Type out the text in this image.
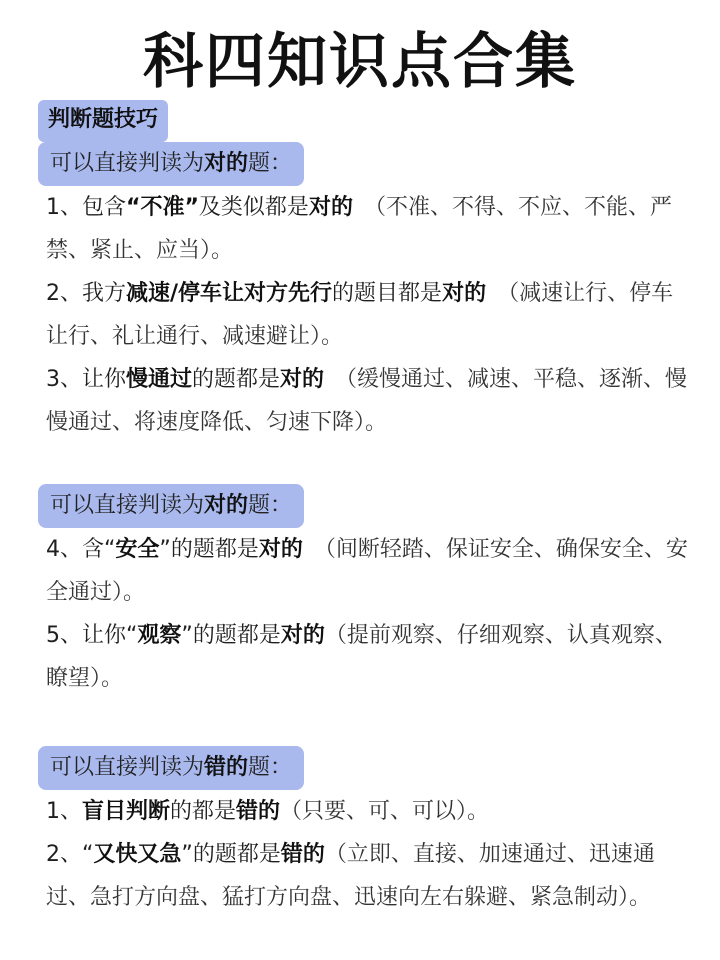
科四知识点合集
判断题技巧
可以直接判读为对的题：
1、包含“不准”及类似都是对的　（不准、不得、不应、不能、严禁、紧止、应当）。
2、我方减速/停车让对方先行的题目都是对的　（减速让行、停车让行、礼让通行、减速避让）。
3、让你慢通过的题都是对的　（缓慢通过、减速、平稳、逐渐、慢慢通过、将速度降低、匀速下降）。
可以直接判读为对的题：
4、含“安全”的题都是对的　（间断轻踏、保证安全、确保安全、安全通过）。
5、让你“观察”的题都是对的（提前观察、仔细观察、认真观察、瞭望）。
可以直接判读为错的题：
1、盲目判断的都是错的（只要、可、可以）。
2、“又快又急”的题都是错的（立即、直接、加速通过、迅速通过、急打方向盘、猛打方向盘、迅速向左右躲避、紧急制动）。
